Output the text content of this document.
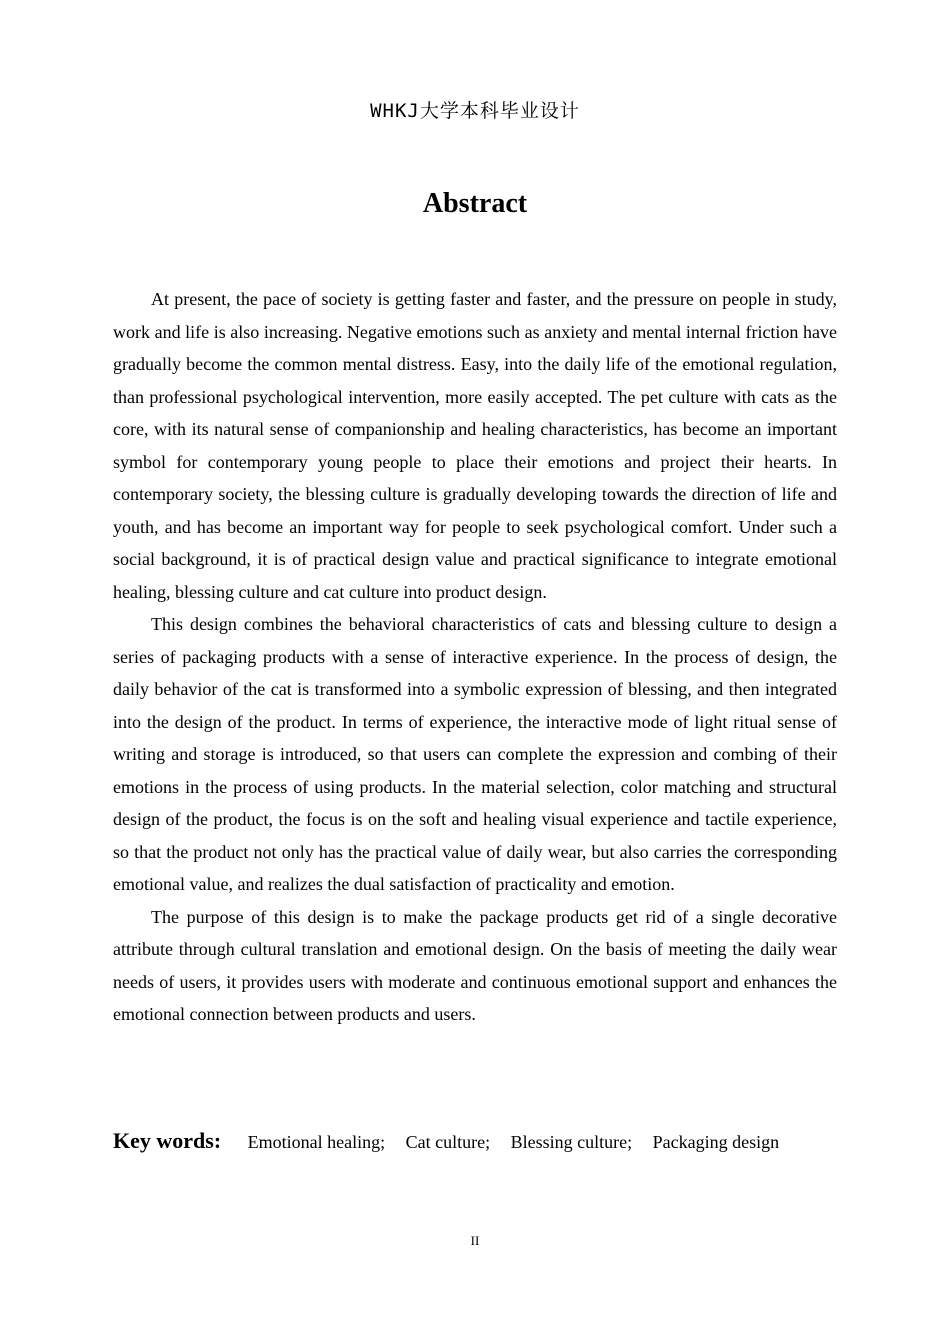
WHKJ大学本科毕业设计
Abstract

At present, the pace of society is getting faster and faster, and the pressure on people in study, work and life is also increasing. Negative emotions such as anxiety and mental internal friction have gradually become the common mental distress. Easy, into the daily life of the emotional regulation, than professional psychological intervention, more easily accepted. The pet culture with cats as the core, with its natural sense of companionship and healing characteristics, has become an important symbol for contemporary young people to place their emotions and project their hearts. In contemporary society, the blessing culture is gradually developing towards the direction of life and youth, and has become an important way for people to seek psychological comfort. Under such a social background, it is of practical design value and practical significance to integrate emotional healing, blessing culture and cat culture into product design.

This design combines the behavioral characteristics of cats and blessing culture to design a series of packaging products with a sense of interactive experience. In the process of design, the daily behavior of the cat is transformed into a symbolic expression of blessing, and then integrated into the design of the product. In terms of experience, the interactive mode of light ritual sense of writing and storage is introduced, so that users can complete the expression and combing of their emotions in the process of using products. In the material selection, color matching and structural design of the product, the focus is on the soft and healing visual experience and tactile experience, so that the product not only has the practical value of daily wear, but also carries the corresponding emotional value, and realizes the dual satisfaction of practicality and emotion.

The purpose of this design is to make the package products get rid of a single decorative attribute through cultural translation and emotional design. On the basis of meeting the daily wear needs of users, it provides users with moderate and continuous emotional support and enhances the emotional connection between products and users.

Key words: Emotional healing; Cat culture; Blessing culture; Packaging design
II
